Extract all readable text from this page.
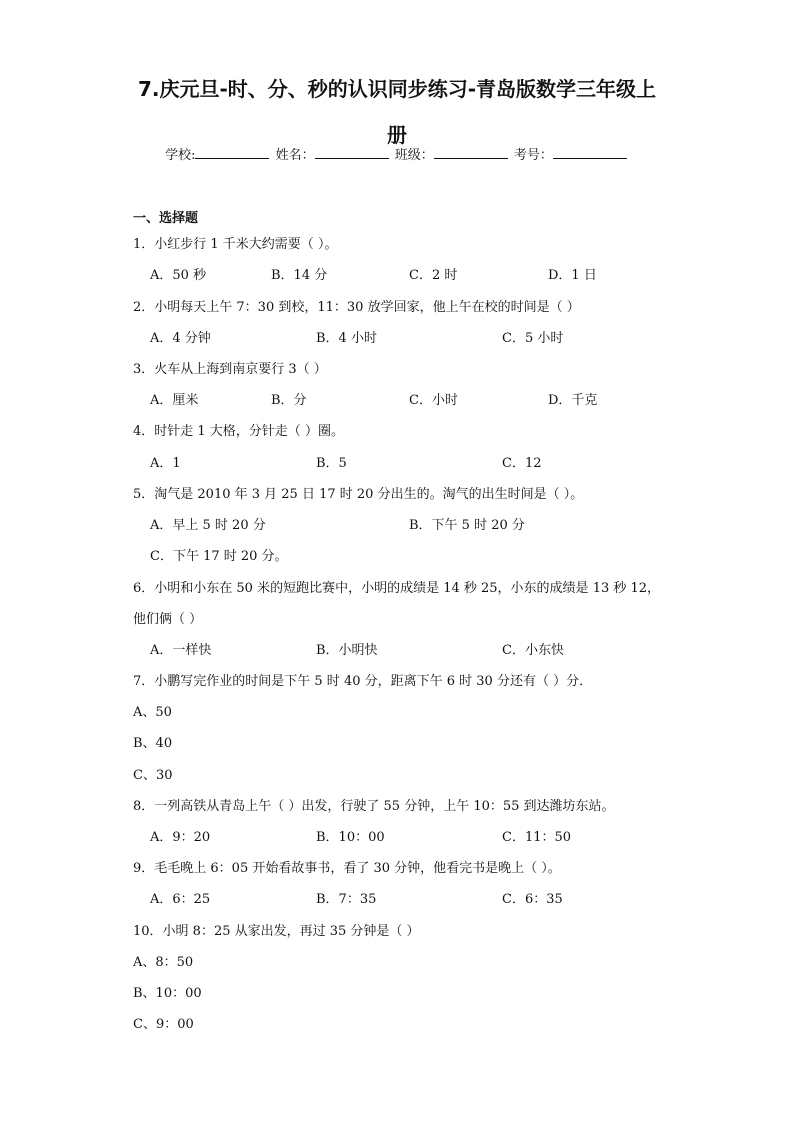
7.庆元旦-时、分、秒的认识同步练习-青岛版数学三年级上
册
学校:	姓名：	班级：	考号：
一、选择题
1．小红步行 1 千米大约需要（ ）。
A．50 秒	B．14 分	C．2 时	D．1 日
2．小明每天上午 7：30 到校，11：30 放学回家，他上午在校的时间是（ ）
A．4 分钟	B．4 小时	C．5 小时
3．火车从上海到南京要行 3（ ）
A．厘米	B．分	C．小时	D．千克
4．时针走 1 大格，分针走（ ）圈。
A．1	B．5	C．12
5．淘气是 2010 年 3 月 25 日 17 时 20 分出生的。淘气的出生时间是（ ）。
A．早上 5 时 20 分	B．下午 5 时 20 分
C．下午 17 时 20 分。
6．小明和小东在 50 米的短跑比赛中，小明的成绩是 14 秒 25，小东的成绩是 13 秒 12，
他们俩（ ）
A．一样快	B．小明快	C．小东快
7．小鹏写完作业的时间是下午 5 时 40 分，距离下午 6 时 30 分还有（ ）分．
A、50
B、40
C、30
8．一列高铁从青岛上午（ ）出发，行驶了 55 分钟，上午 10：55 到达潍坊东站。
A．9：20	B．10：00	C．11：50
9．毛毛晚上 6：05 开始看故事书，看了 30 分钟，他看完书是晚上（ ）。
A．6：25	B．7：35	C．6：35
10．小明 8：25 从家出发，再过 35 分钟是（ ）
A、8：50
B、10：00
C、9：00
